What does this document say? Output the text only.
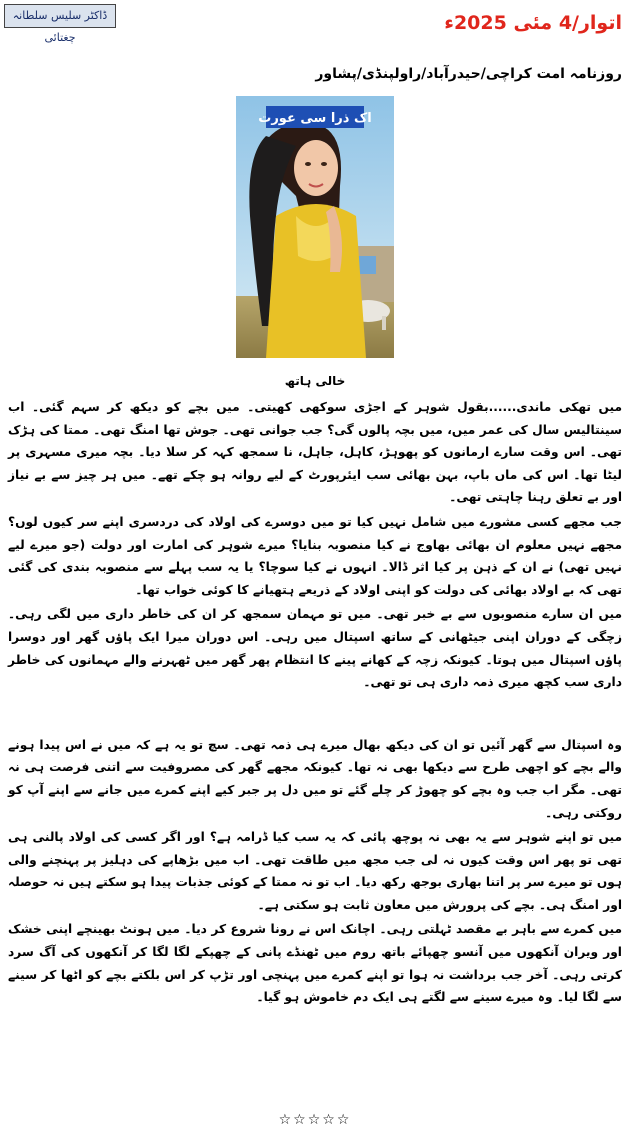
ڈاکٹر سلیس سلطانہ چغتائی
اتوار/4 مئی 2025ء
روزنامہ امت کراچی/حیدرآباد/راولپنڈی/پشاور
اک ذرا سی عورت
خالی ہاتھ

میں تھکی ماندی......بقول شوہر کے اجڑی سوکھی کھیتی۔ میں بچے کو دیکھ کر سہم گئی۔ اب سینتالیس سال کی عمر میں، میں بچہ پالوں گی؟ جب جوانی تھی۔ جوش تھا امنگ تھی۔ ممتا کی ہڑک تھی۔ اس وقت سارے ارمانوں کو پھوہڑ، کاہل، جاہل، نا سمجھ کہہ کر سلا دیا۔ بچہ میری مسہری پر لیٹا تھا۔ اس کی ماں باپ، بہن بھائی سب ایئرپورٹ کے لیے روانہ ہو چکے تھے۔ میں ہر چیز سے بے نیاز اور بے تعلق رہنا چاہتی تھی۔

جب مجھے کسی مشورے میں شامل نہیں کیا تو میں دوسرے کی اولاد کی دردسری اپنے سر کیوں لوں؟ مجھے نہیں معلوم ان بھائی بھاوج نے کیا منصوبہ بنایا؟ میرے شوہر کی امارت اور دولت (جو میرے لیے نہیں تھی) نے ان کے ذہن پر کیا اثر ڈالا۔ انہوں نے کیا سوچا؟ یا یہ سب پہلے سے منصوبہ بندی کی گئی تھی کہ بے اولاد بھائی کی دولت کو اپنی اولاد کے ذریعے ہتھیانے کا کوئی خواب تھا۔

میں ان سارے منصوبوں سے بے خبر تھی۔ میں تو مہمان سمجھ کر ان کی خاطر داری میں لگی رہی۔ زچگی کے دوران اپنی جیٹھانی کے ساتھ اسپتال میں رہی۔ اس دوران میرا ایک پاؤں گھر اور دوسرا پاؤں اسپتال میں ہوتا۔ کیونکہ زچہ کے کھانے پینے کا انتظام پھر گھر میں ٹھہرنے والے مہمانوں کی خاطر داری سب کچھ میری ذمہ داری ہی تو تھی۔

وہ اسپتال سے گھر آئیں تو ان کی دیکھ بھال میرے ہی ذمہ تھی۔ سچ تو یہ ہے کہ میں نے اس پیدا ہونے والے بچے کو اچھی طرح سے دیکھا بھی نہ تھا۔ کیونکہ مجھے گھر کی مصروفیت سے اتنی فرصت ہی نہ تھی۔ مگر اب جب وہ بچے کو چھوڑ کر چلے گئے تو میں دل پر جبر کیے اپنے کمرے میں جانے سے اپنے آپ کو روکتی رہی۔

میں تو اپنے شوہر سے یہ بھی نہ پوچھ پائی کہ یہ سب کیا ڈرامہ ہے؟ اور اگر کسی کی اولاد پالنی ہی تھی تو پھر اس وقت کیوں نہ لی جب مجھ میں طاقت تھی۔ اب میں بڑھاپے کی دہلیز پر پہنچنے والی ہوں تو میرے سر پر اتنا بھاری بوجھ رکھ دیا۔ اب تو نہ ممتا کے کوئی جذبات پیدا ہو سکتے ہیں نہ حوصلہ اور امنگ ہی۔ بچے کی پرورش میں معاون ثابت ہو سکتی ہے۔

میں کمرے سے باہر بے مقصد ٹہلتی رہی۔ اچانک اس نے رونا شروع کر دیا۔ میں ہونٹ بھینچے اپنی خشک اور ویران آنکھوں میں آنسو چھپائے باتھ روم میں ٹھنڈے پانی کے چھپکے لگا لگا کر آنکھوں کی آگ سرد کرتی رہی۔ آخر جب برداشت نہ ہوا تو اپنے کمرے میں پہنچی اور تڑپ کر اس بلکتے بچے کو اٹھا کر سینے سے لگا لیا۔ وہ میرے سینے سے لگتے ہی ایک دم خاموش ہو گیا۔

☆☆☆☆☆
